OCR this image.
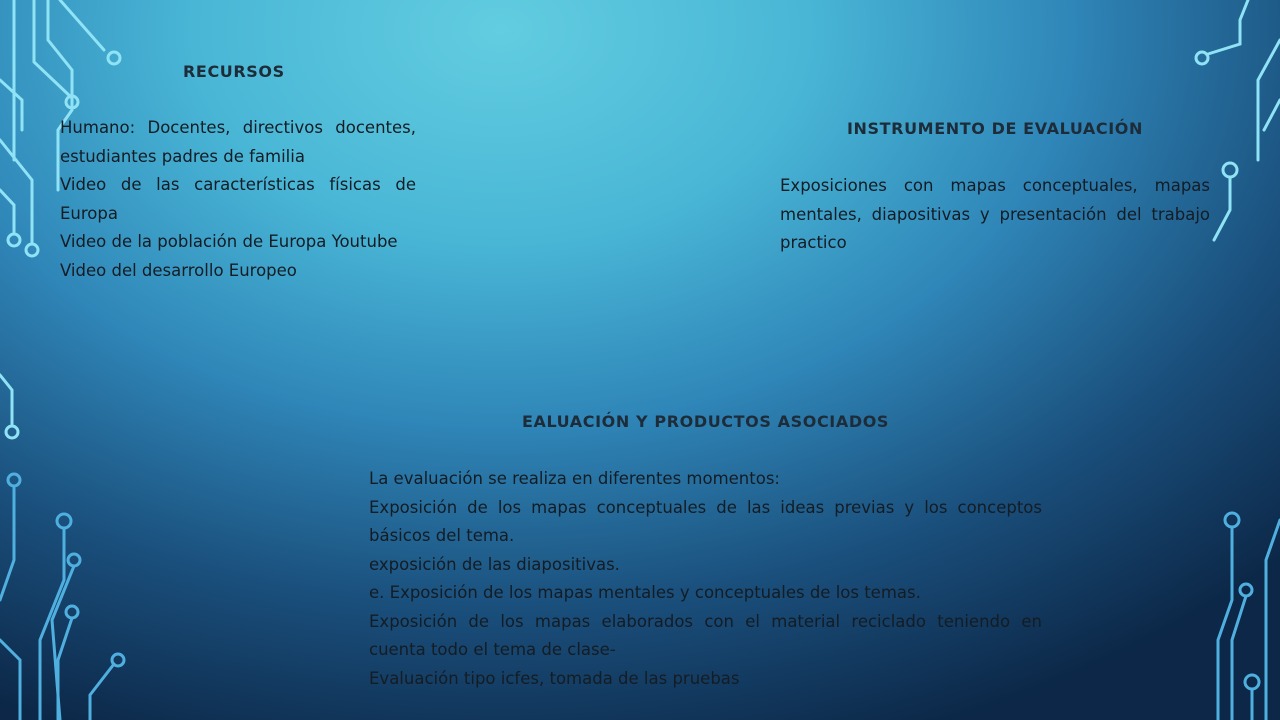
RECURSOS

Humano: Docentes, directivos docentes, estudiantes padres de familia

Video de las características físicas de Europa

Video de la población de Europa Youtube

Video del desarrollo Europeo

INSTRUMENTO DE EVALUACIÓN

Exposiciones con mapas conceptuales, mapas mentales, diapositivas y presentación del trabajo practico

EALUACIÓN Y PRODUCTOS ASOCIADOS

La evaluación se realiza en diferentes momentos:

Exposición de los mapas conceptuales de las ideas previas y los conceptos básicos del tema.

exposición de las diapositivas.

e. Exposición de los mapas mentales y conceptuales de los temas.

Exposición de los mapas elaborados con el material reciclado teniendo en cuenta todo el tema de clase-

Evaluación tipo icfes, tomada de las pruebas
